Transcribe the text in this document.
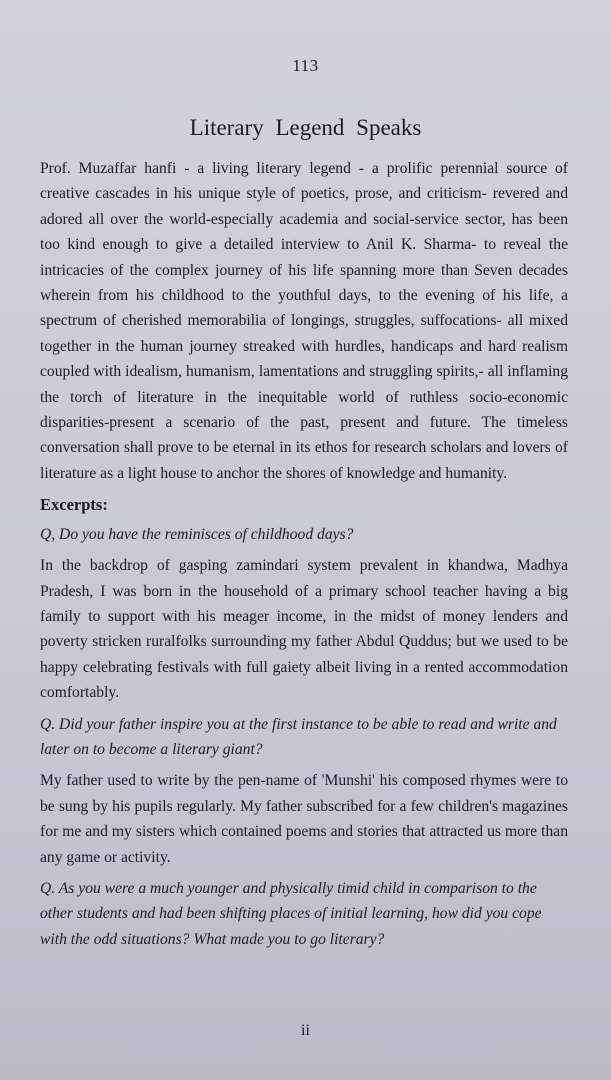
113
Literary Legend Speaks

Prof. Muzaffar hanfi - a living literary legend - a prolific perennial source of creative cascades in his unique style of poetics, prose, and criticism- revered and adored all over the world-especially academia and social-service sector, has been too kind enough to give a detailed interview to Anil K. Sharma- to reveal the intricacies of the complex journey of his life spanning more than Seven decades wherein from his childhood to the youthful days, to the evening of his life, a spectrum of cherished memorabilia of longings, struggles, suffocations- all mixed together in the human journey streaked with hurdles, handicaps and hard realism coupled with idealism, humanism, lamentations and struggling spirits,- all inflaming the torch of literature in the inequitable world of ruthless socio-economic disparities-present a scenario of the past, present and future. The timeless conversation shall prove to be eternal in its ethos for research scholars and lovers of literature as a light house to anchor the shores of knowledge and humanity.

Excerpts:

Q, Do you have the reminisces of childhood days?

In the backdrop of gasping zamindari system prevalent in khandwa, Madhya Pradesh, I was born in the household of a primary school teacher having a big family to support with his meager income, in the midst of money lenders and poverty stricken ruralfolks surrounding my father Abdul Quddus; but we used to be happy celebrating festivals with full gaiety albeit living in a rented accommodation comfortably.

Q. Did your father inspire you at the first instance to be able to read and write and later on to become a literary giant?

My father used to write by the pen-name of 'Munshi' his composed rhymes were to be sung by his pupils regularly. My father subscribed for a few children's magazines for me and my sisters which contained poems and stories that attracted us more than any game or activity.

Q. As you were a much younger and physically timid child in comparison to the other students and had been shifting places of initial learning, how did you cope with the odd situations? What made you to go literary?

ii
